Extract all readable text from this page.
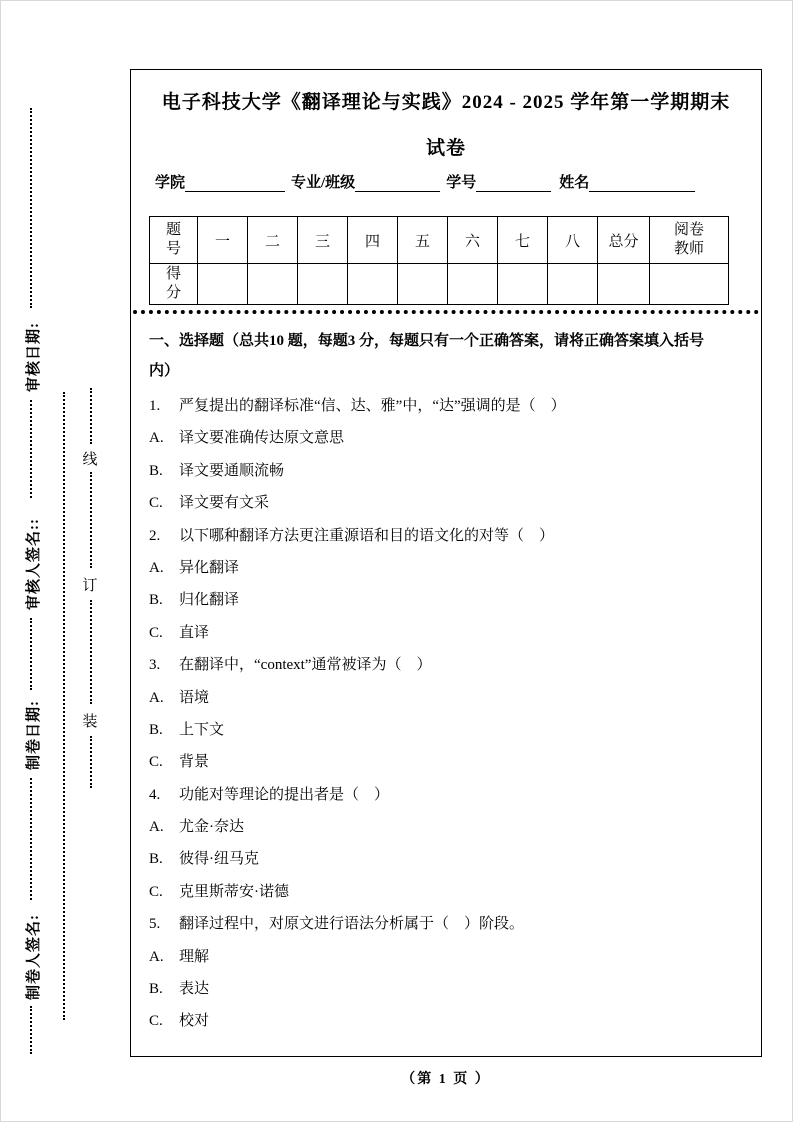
审核日期:
审核人签名::
制卷日期:
制卷人签名:
线
订
装
电子科技大学《翻译理论与实践》2024 - 2025 学年第一学期期末
试卷
学院	专业/班级	学号	姓名
题号	一	二	三	四	五	六	七	八	总分	阅卷教师
得分										
一、选择题（总共10 题，每题3 分，每题只有一个正确答案，请将正确答案填入括号内）
1. 严复提出的翻译标准“信、达、雅”中，“达”强调的是（　）
A. 译文要准确传达原文意思
B. 译文要通顺流畅
C. 译文要有文采
2. 以下哪种翻译方法更注重源语和目的语文化的对等（　）
A. 异化翻译
B. 归化翻译
C. 直译
3. 在翻译中，“context”通常被译为（　）
A. 语境
B. 上下文
C. 背景
4. 功能对等理论的提出者是（　）
A. 尤金·奈达
B. 彼得·纽马克
C. 克里斯蒂安·诺德
5. 翻译过程中，对原文进行语法分析属于（　）阶段。
A. 理解
B. 表达
C. 校对
（第 1 页 ）
